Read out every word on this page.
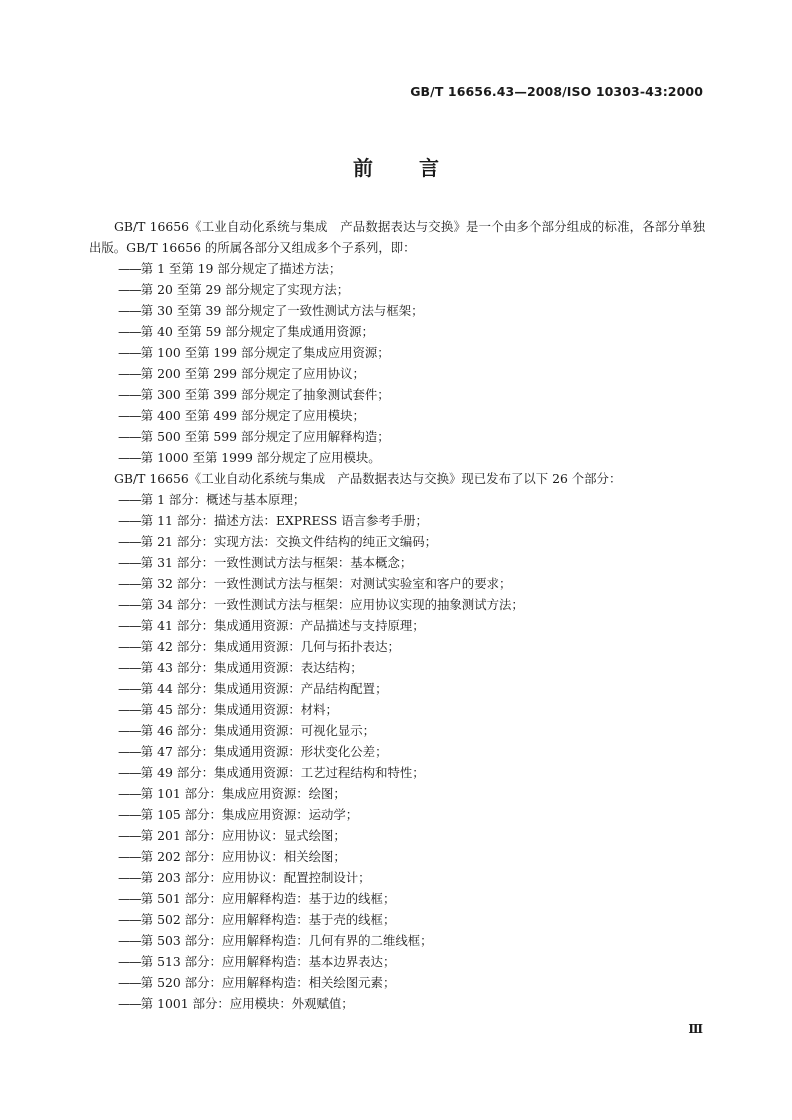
GB/T 16656.43—2008/ISO 10303-43:2000
前 言

GB/T 16656《工业自动化系统与集成　产品数据表达与交换》是一个由多个部分组成的标准，各部分单独出版。GB/T 16656 的所属各部分又组成多个子系列，即：

——第 1 至第 19 部分规定了描述方法；
——第 20 至第 29 部分规定了实现方法；
——第 30 至第 39 部分规定了一致性测试方法与框架；
——第 40 至第 59 部分规定了集成通用资源；
——第 100 至第 199 部分规定了集成应用资源；
——第 200 至第 299 部分规定了应用协议；
——第 300 至第 399 部分规定了抽象测试套件；
——第 400 至第 499 部分规定了应用模块；
——第 500 至第 599 部分规定了应用解释构造；
——第 1000 至第 1999 部分规定了应用模块。

GB/T 16656《工业自动化系统与集成　产品数据表达与交换》现已发布了以下 26 个部分：

——第 1 部分：概述与基本原理；
——第 11 部分：描述方法：EXPRESS 语言参考手册；
——第 21 部分：实现方法：交换文件结构的纯正文编码；
——第 31 部分：一致性测试方法与框架：基本概念；
——第 32 部分：一致性测试方法与框架：对测试实验室和客户的要求；
——第 34 部分：一致性测试方法与框架：应用协议实现的抽象测试方法；
——第 41 部分：集成通用资源：产品描述与支持原理；
——第 42 部分：集成通用资源：几何与拓扑表达；
——第 43 部分：集成通用资源：表达结构；
——第 44 部分：集成通用资源：产品结构配置；
——第 45 部分：集成通用资源：材料；
——第 46 部分：集成通用资源：可视化显示；
——第 47 部分：集成通用资源：形状变化公差；
——第 49 部分：集成通用资源：工艺过程结构和特性；
——第 101 部分：集成应用资源：绘图；
——第 105 部分：集成应用资源：运动学；
——第 201 部分：应用协议：显式绘图；
——第 202 部分：应用协议：相关绘图；
——第 203 部分：应用协议：配置控制设计；
——第 501 部分：应用解释构造：基于边的线框；
——第 502 部分：应用解释构造：基于壳的线框；
——第 503 部分：应用解释构造：几何有界的二维线框；
——第 513 部分：应用解释构造：基本边界表达；
——第 520 部分：应用解释构造：相关绘图元素；
——第 1001 部分：应用模块：外观赋值；
Ⅲ
